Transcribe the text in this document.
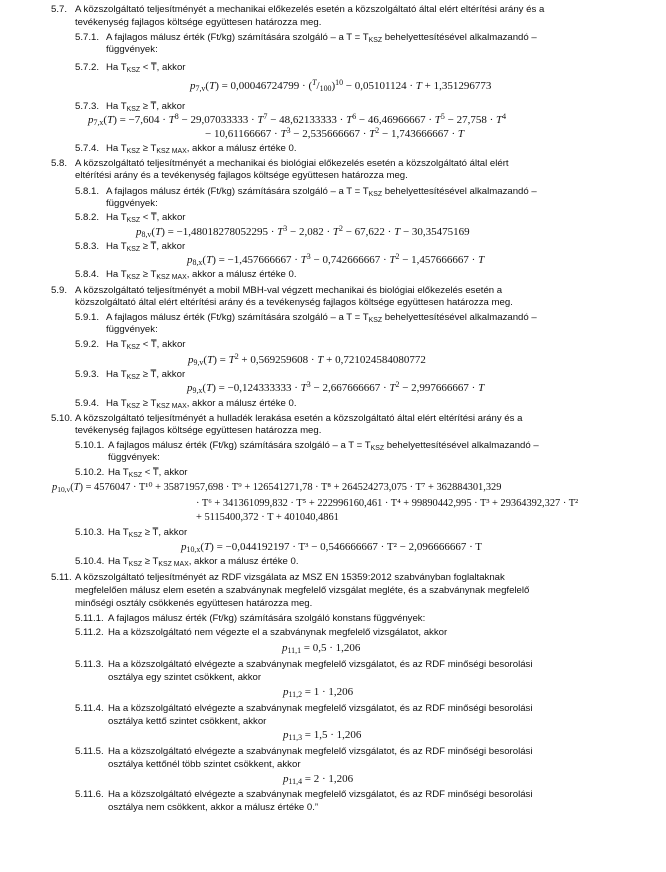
5.7. A közszolgáltató teljesítményét a mechanikai előkezelés esetén a közszolgáltató által elért eltérítési arány és a
tevékenység fajlagos költsége együttesen határozza meg.
5.7.1. A fajlagos málusz érték (Ft/kg) számítására szolgáló – a $T = T_{KSZ}$ behelyettesítésével alkalmazandó –
függvények:
5.7.2. Ha $T_{KSZ}$ < T̅, akkor
$p_{7,v}(T) = 0,00046724799 \cdot (^T/_{100})^{10} - 0,05101124 \cdot T + 1,351296773$
5.7.3. Ha $T_{KSZ}$ ≥ T̅, akkor
$p_{7,x}(T) = -7,604 \cdot T^8 - 29,07033333 \cdot T^7 - 48,62133333 \cdot T^6 - 46,46966667 \cdot T^5 - 27,758 \cdot T^4$
− $10,61166667 \cdot T^3 - 2,535666667 \cdot T^2 - 1,743666667 \cdot T$
5.7.4. Ha $T_{KSZ} \ge T_{KSZ MAX}$, akkor a málusz értéke 0.
5.8. A közszolgáltató teljesítményét a mechanikai és biológiai előkezelés esetén a közszolgáltató által elért
eltérítési arány és a tevékenység fajlagos költsége együttesen határozza meg.
5.8.1. A fajlagos málusz érték (Ft/kg) számítására szolgáló – a $T = T_{KSZ}$ behelyettesítésével alkalmazandó –
függvények:
5.8.2. Ha $T_{KSZ}$ < T̅, akkor
$p_{8,v}(T) = -1,48018278052295 \cdot T^3 - 2,082 \cdot T^2 - 67,622 \cdot T - 30,35475169$
5.8.3. Ha $T_{KSZ}$ ≥ T̅, akkor
$p_{8,x}(T) = -1,457666667 \cdot T^3 - 0,742666667 \cdot T^2 - 1,457666667 \cdot T$
5.8.4. Ha $T_{KSZ} \ge T_{KSZ MAX}$, akkor a málusz értéke 0.
5.9. A közszolgáltató teljesítményét a mobil MBH-val végzett mechanikai és biológiai előkezelés esetén a
közszolgáltató által elért eltérítési arány és a tevékenység fajlagos költsége együttesen határozza meg.
5.9.1. A fajlagos málusz érték (Ft/kg) számítására szolgáló – a $T = T_{KSZ}$ behelyettesítésével alkalmazandó –
függvények:
5.9.2. Ha $T_{KSZ}$ < T̅, akkor
$p_{9,v}(T) = T^2 + 0,569259608 \cdot T + 0,721024584080772$
5.9.3. Ha $T_{KSZ}$ ≥ T̅, akkor
$p_{9,x}(T) = -0,124333333 \cdot T^3 - 2,667666667 \cdot T^2 - 2,997666667 \cdot T$
5.9.4. Ha $T_{KSZ} \ge T_{KSZ MAX}$, akkor a málusz értéke 0.
5.10. A közszolgáltató teljesítményét a hulladék lerakása esetén a közszolgáltató által elért eltérítési arány és a
tevékenység fajlagos költsége együttesen határozza meg.
5.10.1. A fajlagos málusz érték (Ft/kg) számítására szolgáló – a $T = T_{KSZ}$ behelyettesítésével alkalmazandó –
függvények:
5.10.2. Ha $T_{KSZ}$ < T̅, akkor
$p_{10,v}(T) = 4576047 \cdot T^{10} + 35871957,698 \cdot T^9 + 126541271,78 \cdot T^8 + 264524273,075 \cdot T^7 + 362884301,329$
· T⁶ + 341361099,832 · T⁵ + 222996160,461 · T⁴ + 99890442,995 · T³ + 29364392,327 · T²
+ 5115400,372 · T + 401040,4861
5.10.3. Ha $T_{KSZ}$ ≥ T̅, akkor
$p_{10,x}(T) = -0,044192197 \cdot T^3 - 0,546666667 \cdot T^2 - 2,096666667 \cdot T$
5.10.4. Ha $T_{KSZ} \ge T_{KSZ MAX}$, akkor a málusz értéke 0.
5.11. A közszolgáltató teljesítményét az RDF vizsgálata az MSZ EN 15359:2012 szabványban foglaltaknak
megfelelően málusz elem esetén a szabványnak megfelelő vizsgálat megléte, és a szabványnak megfelelő
minőségi osztály csökkenés együttesen határozza meg.
5.11.1. A fajlagos málusz érték (Ft/kg) számítására szolgáló konstans függvények:
5.11.2. Ha a közszolgáltató nem végezte el a szabványnak megfelelő vizsgálatot, akkor
$p_{11,1} = 0,5 \cdot 1,206$
5.11.3. Ha a közszolgáltató elvégezte a szabványnak megfelelő vizsgálatot, és az RDF minőségi besorolási
osztálya egy szintet csökkent, akkor
$p_{11,2} = 1 \cdot 1,206$
5.11.4. Ha a közszolgáltató elvégezte a szabványnak megfelelő vizsgálatot, és az RDF minőségi besorolási
osztálya kettő szintet csökkent, akkor
$p_{11,3} = 1,5 \cdot 1,206$
5.11.5. Ha a közszolgáltató elvégezte a szabványnak megfelelő vizsgálatot, és az RDF minőségi besorolási
osztálya kettőnél több szintet csökkent, akkor
$p_{11,4} = 2 \cdot 1,206$
5.11.6. Ha a közszolgáltató elvégezte a szabványnak megfelelő vizsgálatot, és az RDF minőségi besorolási
osztálya nem csökkent, akkor a málusz értéke 0.”
